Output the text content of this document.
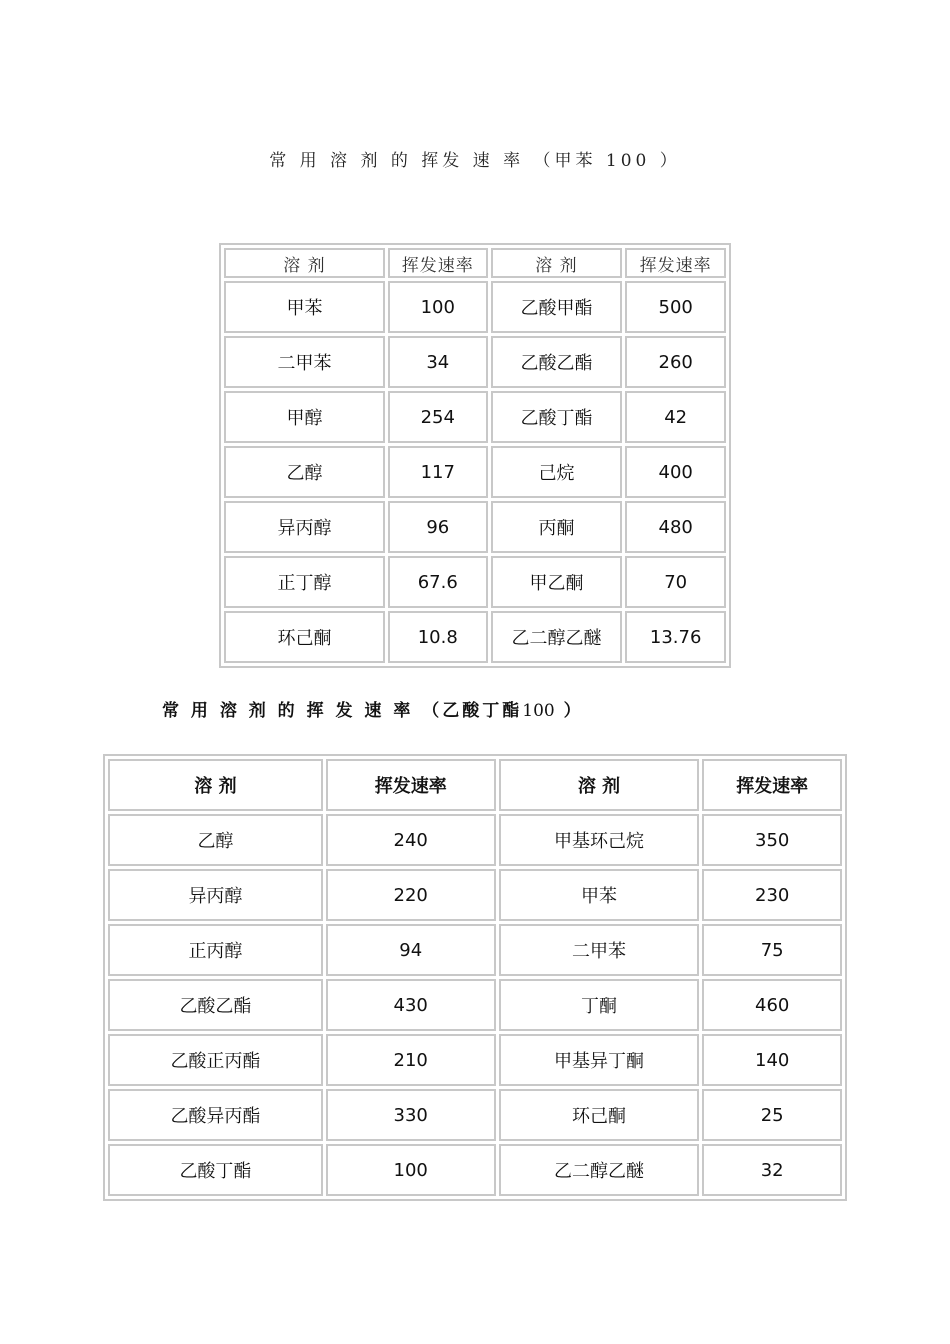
常 用 溶 剂 的 挥发 速 率 （甲苯 100 ）
溶 剂	挥发速率	溶 剂	挥发速率
甲苯	100	乙酸甲酯	500
二甲苯	34	乙酸乙酯	260
甲醇	254	乙酸丁酯	42
乙醇	117	己烷	400
异丙醇	96	丙酮	480
正丁醇	67.6	甲乙酮	70
环己酮	10.8	乙二醇乙醚	13.76
常 用 溶 剂 的 挥 发 速 率 （乙酸丁酯100 ）
溶 剂	挥发速率	溶 剂	挥发速率
乙醇	240	甲基环己烷	350
异丙醇	220	甲苯	230
正丙醇	94	二甲苯	75
乙酸乙酯	430	丁酮	460
乙酸正丙酯	210	甲基异丁酮	140
乙酸异丙酯	330	环己酮	25
乙酸丁酯	100	乙二醇乙醚	32
